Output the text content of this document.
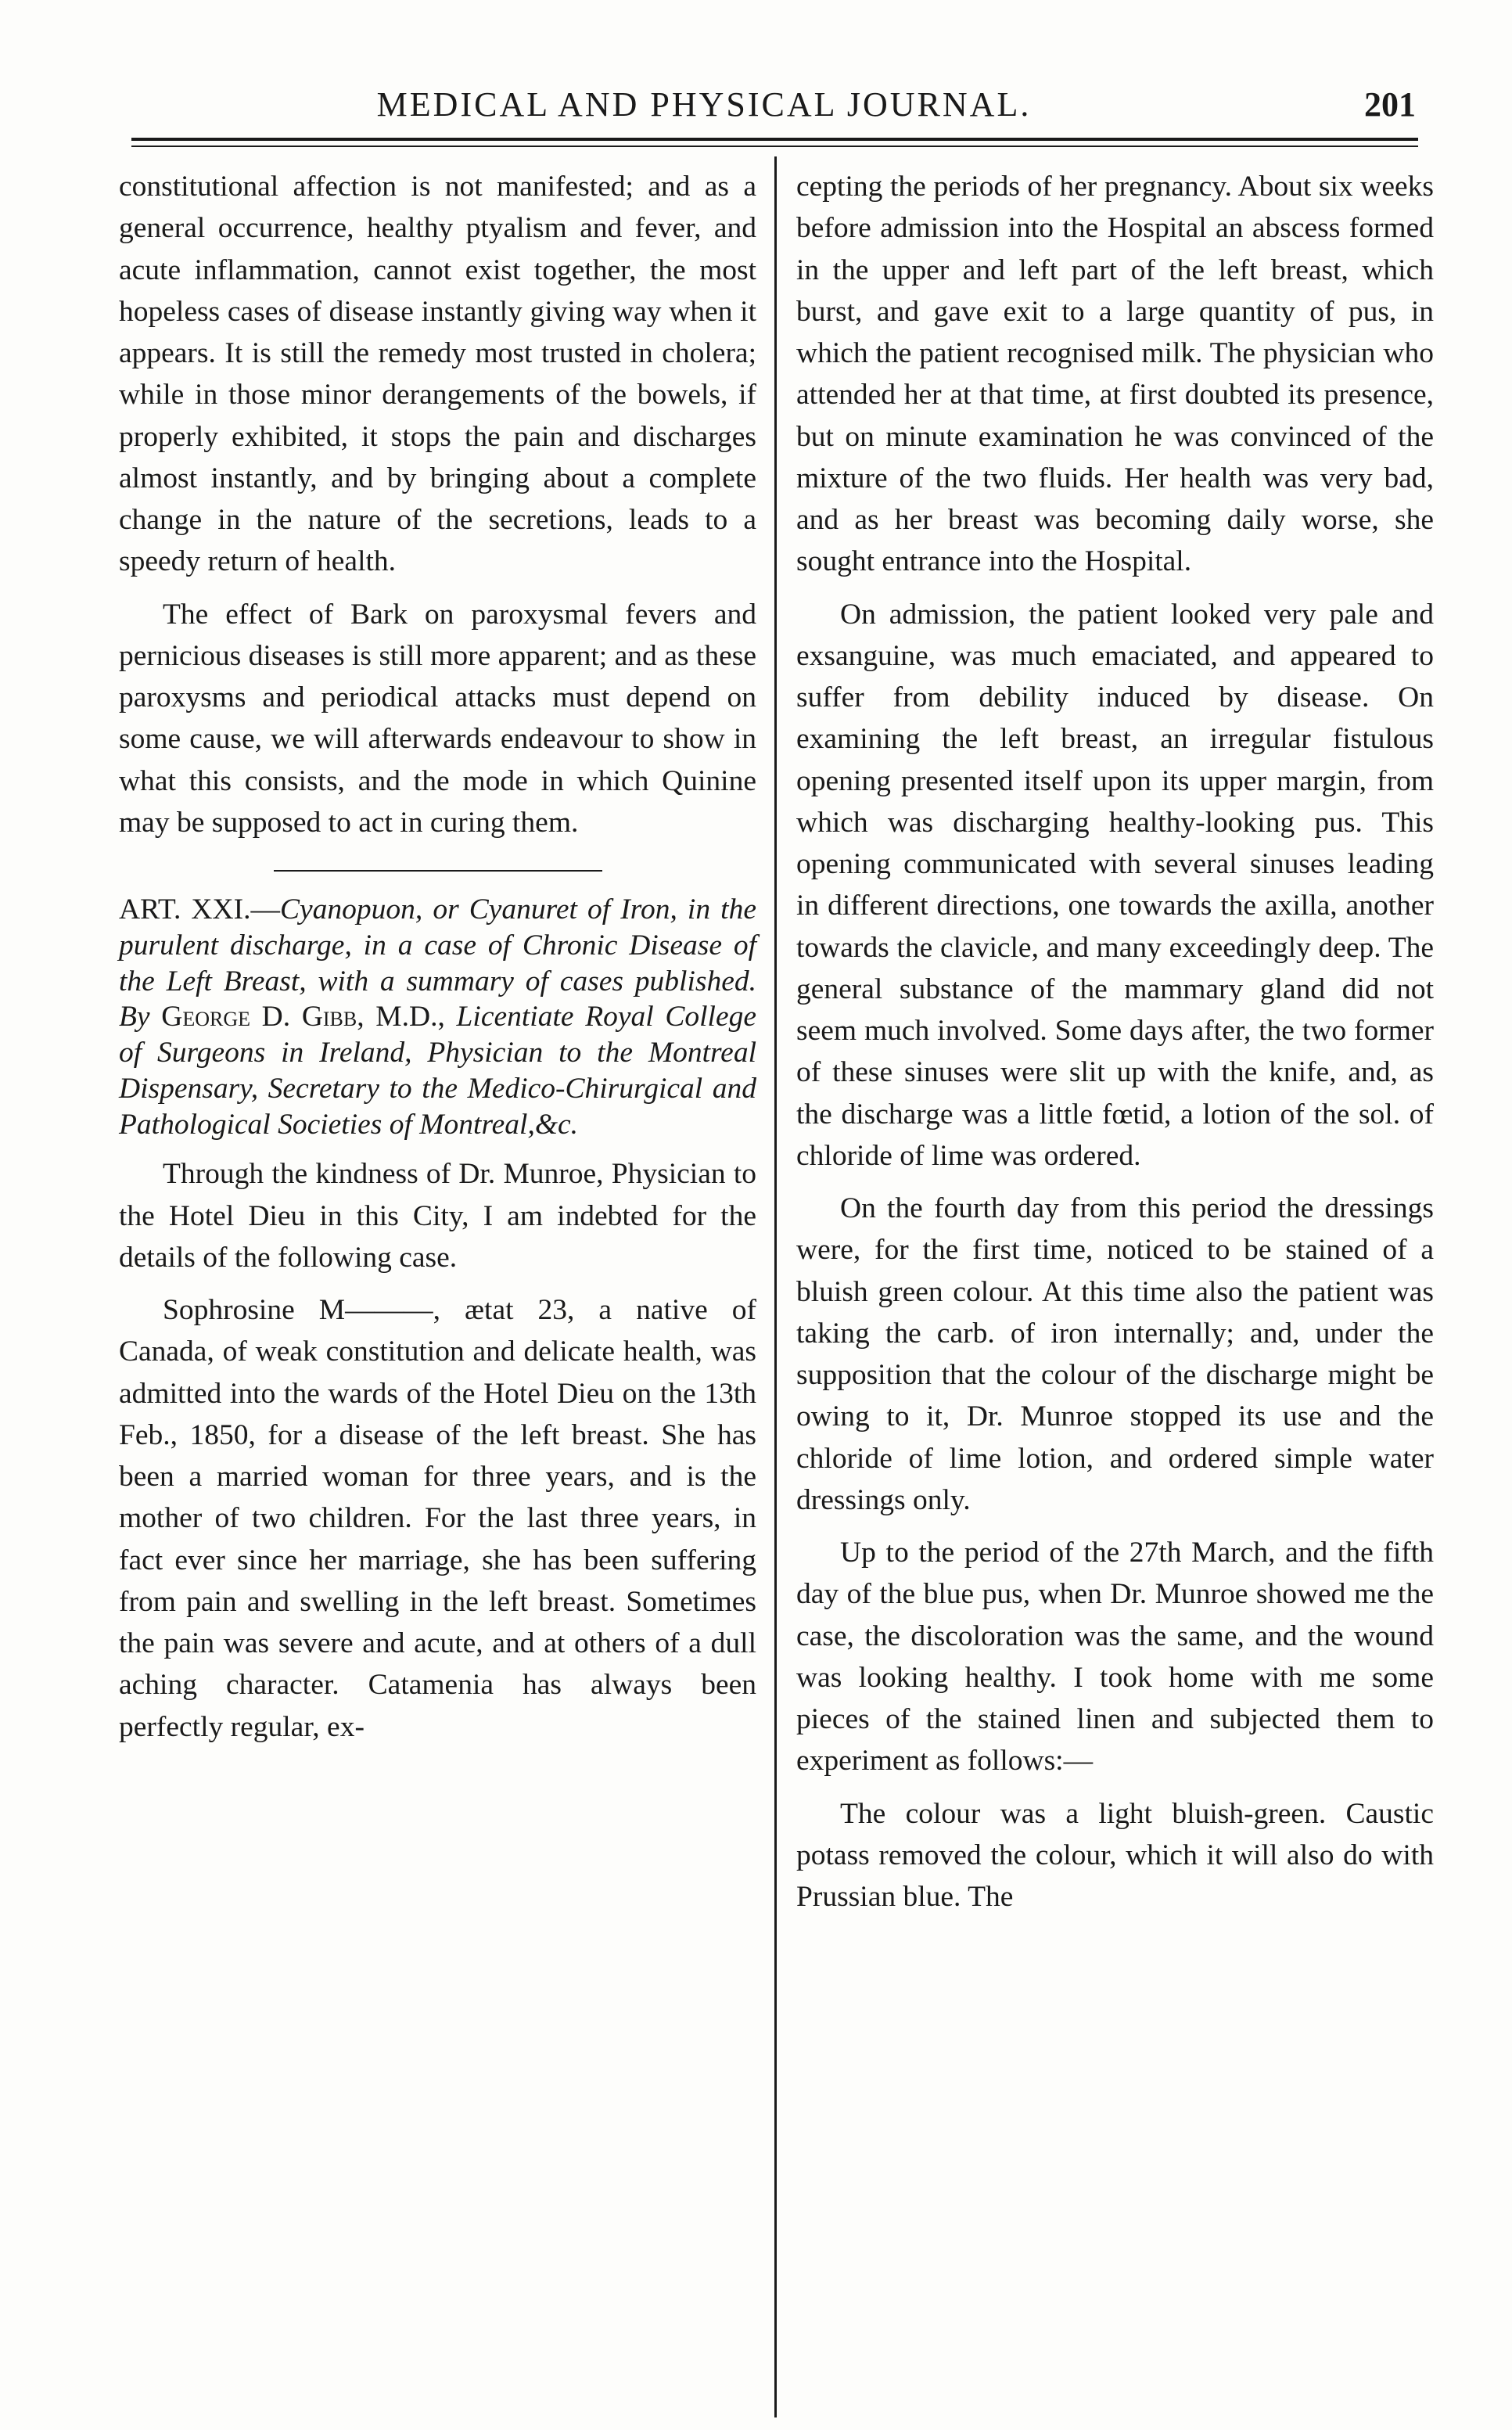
MEDICAL AND PHYSICAL JOURNAL.	201

constitutional affection is not manifested; and as a general occurrence, healthy ptyalism and fever, and acute inflammation, cannot exist together, the most hopeless cases of disease instantly giving way when it appears. It is still the remedy most trusted in cholera; while in those minor derangements of the bowels, if properly exhibited, it stops the pain and discharges almost instantly, and by bringing about a complete change in the nature of the secretions, leads to a speedy return of health.

The effect of Bark on paroxysmal fevers and pernicious diseases is still more apparent; and as these paroxysms and periodical attacks must depend on some cause, we will afterwards endeavour to show in what this consists, and the mode in which Quinine may be supposed to act in curing them.

ART. XXI.—Cyanopuon, or Cyanuret of Iron, in the purulent discharge, in a case of Chronic Disease of the Left Breast, with a summary of cases published. By George D. Gibb, M.D., Licentiate Royal College of Surgeons in Ireland, Physician to the Montreal Dispensary, Secretary to the Medico-Chirurgical and Pathological Societies of Montreal,&c.

Through the kindness of Dr. Munroe, Physician to the Hotel Dieu in this City, I am indebted for the details of the following case.

Sophrosine M———, ætat 23, a native of Canada, of weak constitution and delicate health, was admitted into the wards of the Hotel Dieu on the 13th Feb., 1850, for a disease of the left breast. She has been a married woman for three years, and is the mother of two children. For the last three years, in fact ever since her marriage, she has been suffering from pain and swelling in the left breast. Sometimes the pain was severe and acute, and at others of a dull aching character. Catamenia has always been perfectly regular, ex-

cepting the periods of her pregnancy. About six weeks before admission into the Hospital an abscess formed in the upper and left part of the left breast, which burst, and gave exit to a large quantity of pus, in which the patient recognised milk. The physician who attended her at that time, at first doubted its presence, but on minute examination he was convinced of the mixture of the two fluids. Her health was very bad, and as her breast was becoming daily worse, she sought entrance into the Hospital.

On admission, the patient looked very pale and exsanguine, was much emaciated, and appeared to suffer from debility induced by disease. On examining the left breast, an irregular fistulous opening presented itself upon its upper margin, from which was discharging healthy-looking pus. This opening communicated with several sinuses leading in different directions, one towards the axilla, another towards the clavicle, and many exceedingly deep. The general substance of the mammary gland did not seem much involved. Some days after, the two former of these sinuses were slit up with the knife, and, as the discharge was a little fœtid, a lotion of the sol. of chloride of lime was ordered.

On the fourth day from this period the dressings were, for the first time, noticed to be stained of a bluish green colour. At this time also the patient was taking the carb. of iron internally; and, under the supposition that the colour of the discharge might be owing to it, Dr. Munroe stopped its use and the chloride of lime lotion, and ordered simple water dressings only.

Up to the period of the 27th March, and the fifth day of the blue pus, when Dr. Munroe showed me the case, the discoloration was the same, and the wound was looking healthy. I took home with me some pieces of the stained linen and subjected them to experiment as follows:—

The colour was a light bluish-green. Caustic potass removed the colour, which it will also do with Prussian blue. The
